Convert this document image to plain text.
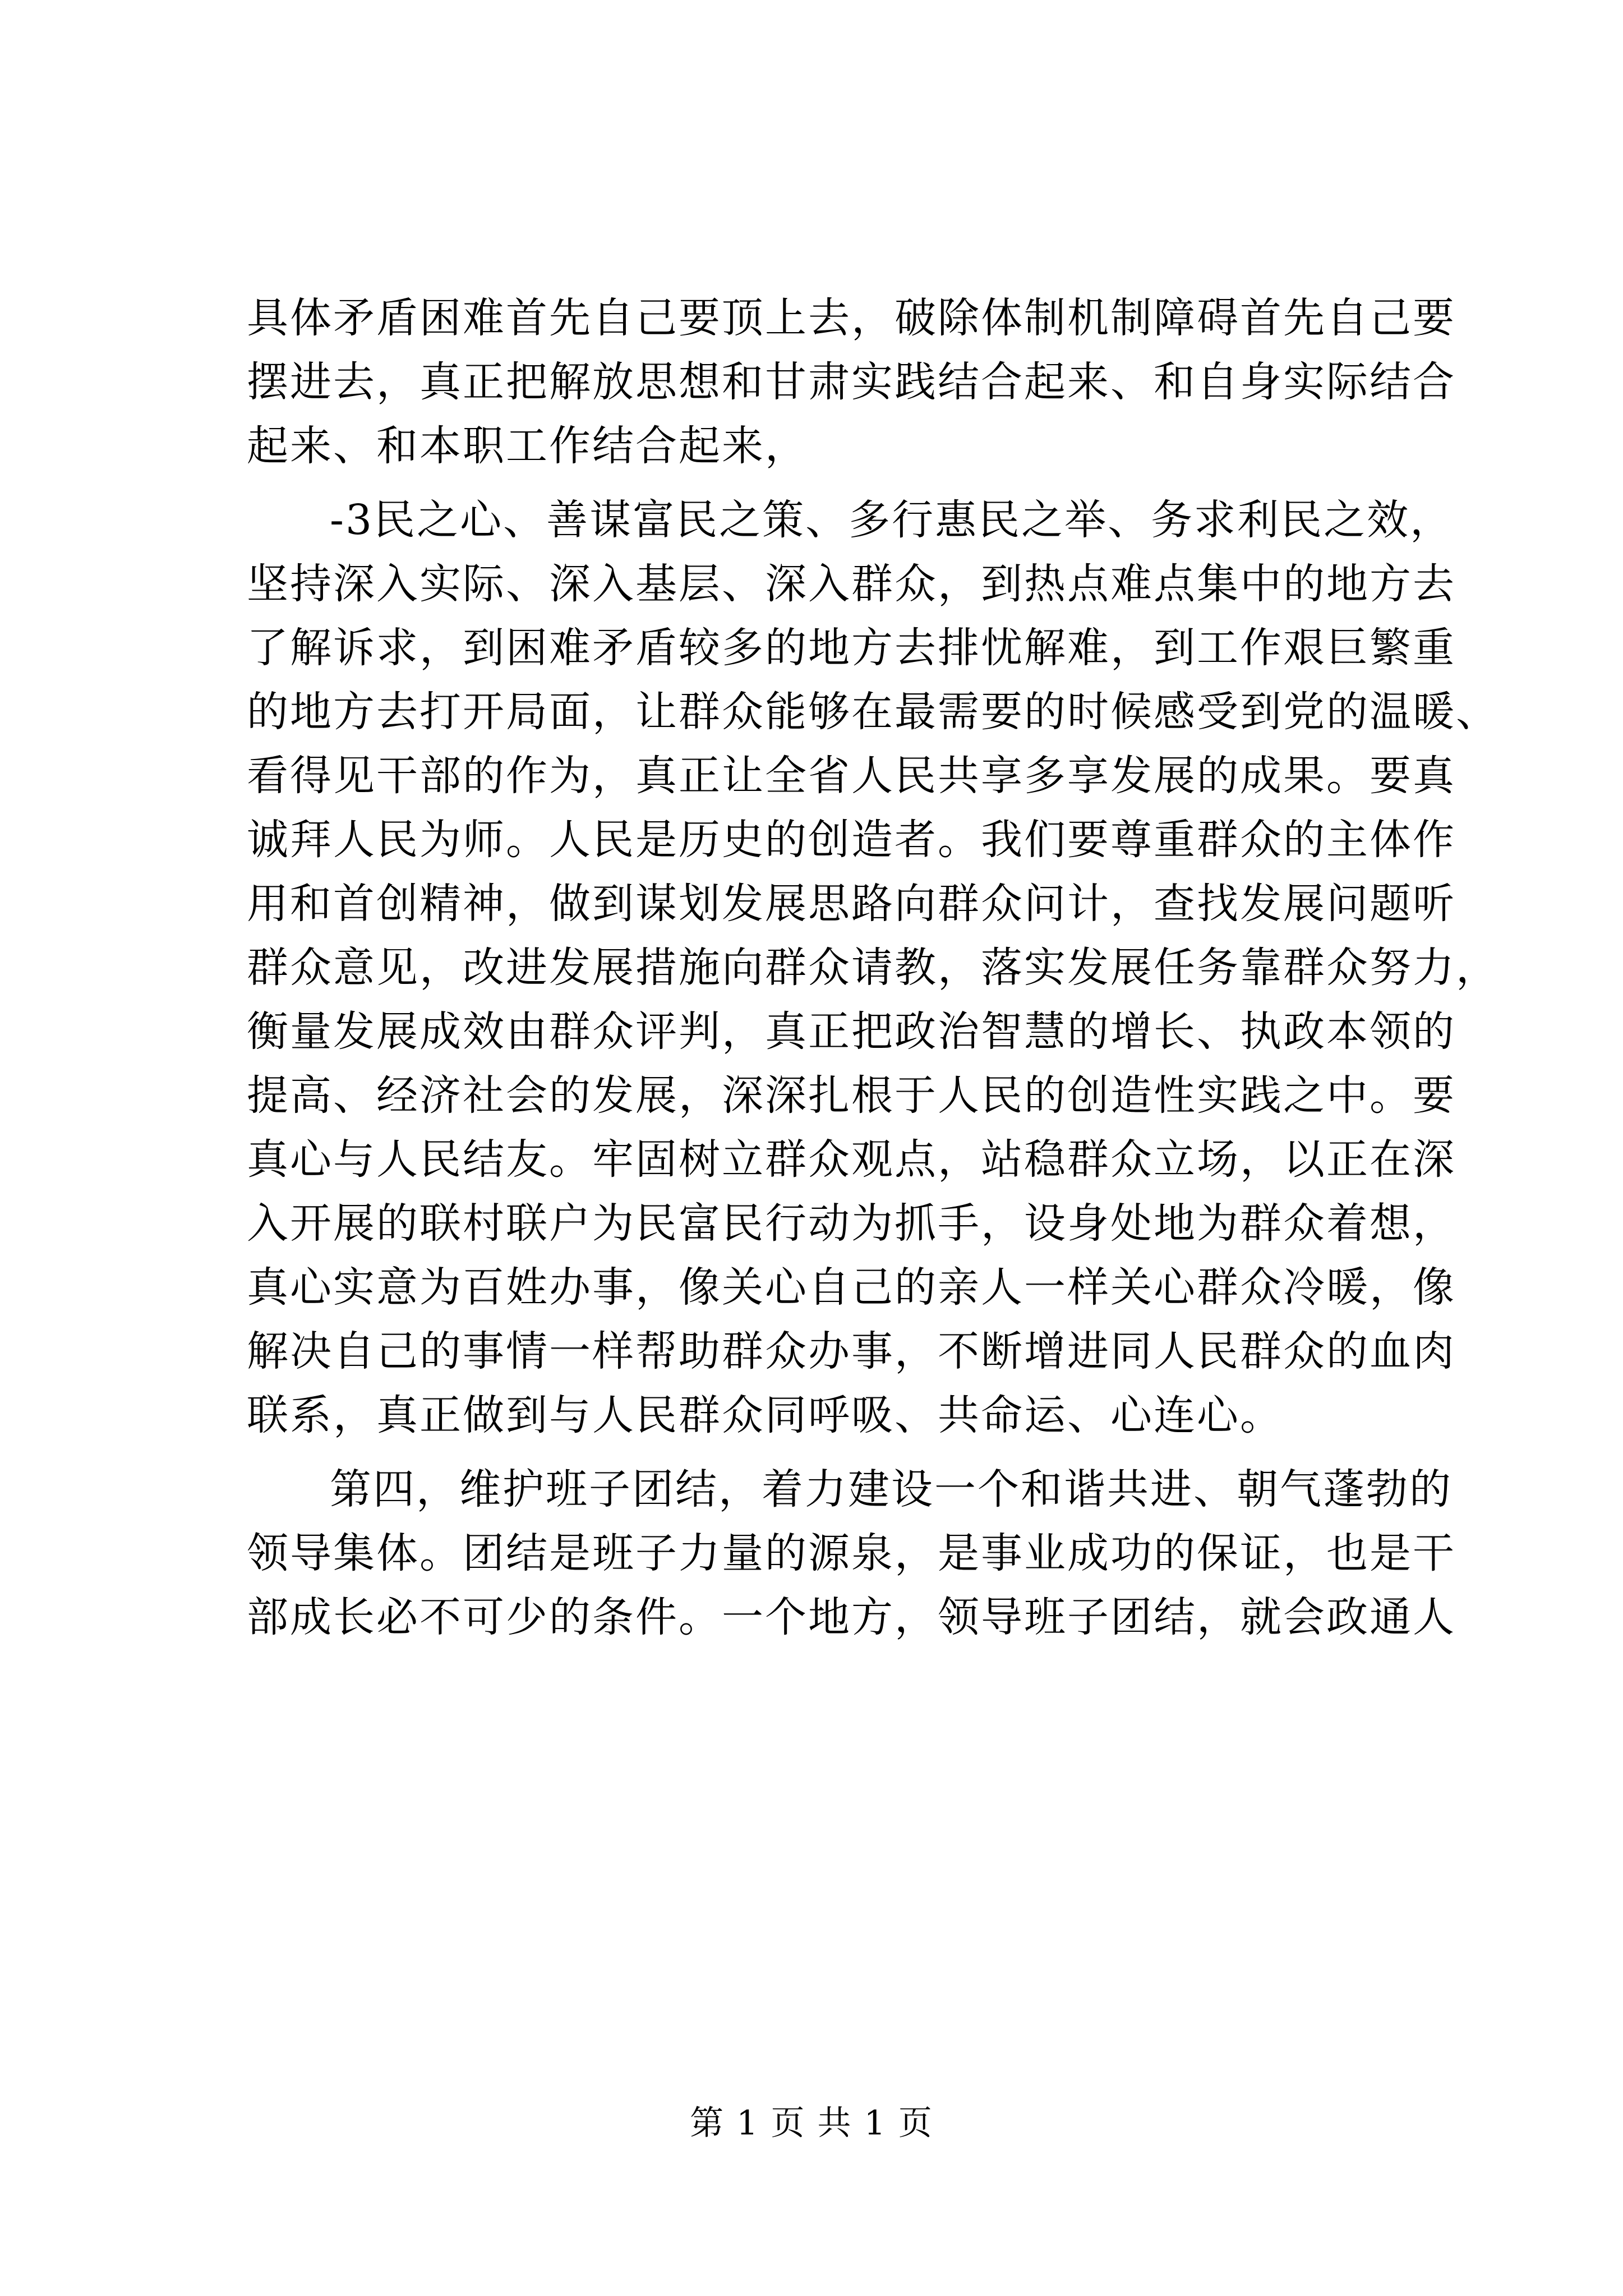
具体矛盾困难首先自己要顶上去，破除体制机制障碍首先自己要
摆进去，真正把解放思想和甘肃实践结合起来、和自身实际结合
起来、和本职工作结合起来，
-3民之心、善谋富民之策、多行惠民之举、务求利民之效，
坚持深入实际、深入基层、深入群众，到热点难点集中的地方去
了解诉求，到困难矛盾较多的地方去排忧解难，到工作艰巨繁重
的地方去打开局面，让群众能够在最需要的时候感受到党的温暖、
看得见干部的作为，真正让全省人民共享多享发展的成果。要真
诚拜人民为师。人民是历史的创造者。我们要尊重群众的主体作
用和首创精神，做到谋划发展思路向群众问计，查找发展问题听
群众意见，改进发展措施向群众请教，落实发展任务靠群众努力，
衡量发展成效由群众评判，真正把政治智慧的增长、执政本领的
提高、经济社会的发展，深深扎根于人民的创造性实践之中。要
真心与人民结友。牢固树立群众观点，站稳群众立场，以正在深
入开展的联村联户为民富民行动为抓手，设身处地为群众着想，
真心实意为百姓办事，像关心自己的亲人一样关心群众冷暖，像
解决自己的事情一样帮助群众办事，不断增进同人民群众的血肉
联系，真正做到与人民群众同呼吸、共命运、心连心。
第四，维护班子团结，着力建设一个和谐共进、朝气蓬勃的
领导集体。团结是班子力量的源泉，是事业成功的保证，也是干
部成长必不可少的条件。一个地方，领导班子团结，就会政通人
第 1 页 共 1 页
